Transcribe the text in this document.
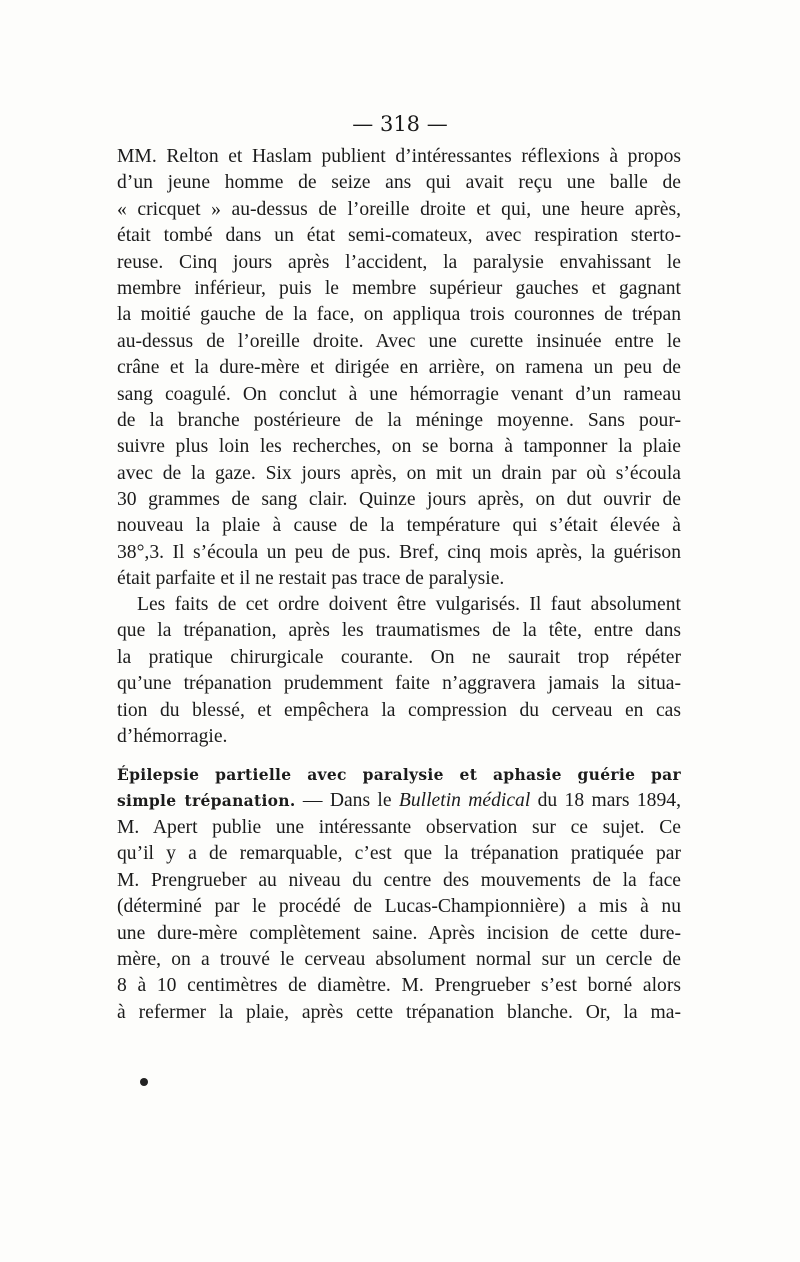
— 318 —
MM. Relton et Haslam publient d’intéressantes réflexions à propos
d’un jeune homme de seize ans qui avait reçu une balle de
« cricquet » au-dessus de l’oreille droite et qui, une heure après,
était tombé dans un état semi-comateux, avec respiration sterto-
reuse. Cinq jours après l’accident, la paralysie envahissant le
membre inférieur, puis le membre supérieur gauches et gagnant
la moitié gauche de la face, on appliqua trois couronnes de trépan
au-dessus de l’oreille droite. Avec une curette insinuée entre le
crâne et la dure-mère et dirigée en arrière, on ramena un peu de
sang coagulé. On conclut à une hémorragie venant d’un rameau
de la branche postérieure de la méninge moyenne. Sans pour-
suivre plus loin les recherches, on se borna à tamponner la plaie
avec de la gaze. Six jours après, on mit un drain par où s’écoula
30 grammes de sang clair. Quinze jours après, on dut ouvrir de
nouveau la plaie à cause de la température qui s’était élevée à
38°,3. Il s’écoula un peu de pus. Bref, cinq mois après, la guérison
était parfaite et il ne restait pas trace de paralysie.
Les faits de cet ordre doivent être vulgarisés. Il faut absolument
que la trépanation, après les traumatismes de la tête, entre dans
la pratique chirurgicale courante. On ne saurait trop répéter
qu’une trépanation prudemment faite n’aggravera jamais la situa-
tion du blessé, et empêchera la compression du cerveau en cas
d’hémorragie.
Épilepsie partielle avec paralysie et aphasie guérie par
simple trépanation. — Dans le Bulletin médical du 18 mars 1894,
M. Apert publie une intéressante observation sur ce sujet. Ce
qu’il y a de remarquable, c’est que la trépanation pratiquée par
M. Prengrueber au niveau du centre des mouvements de la face
(déterminé par le procédé de Lucas-Championnière) a mis à nu
une dure-mère complètement saine. Après incision de cette dure-
mère, on a trouvé le cerveau absolument normal sur un cercle de
8 à 10 centimètres de diamètre. M. Prengrueber s’est borné alors
à refermer la plaie, après cette trépanation blanche. Or, la ma-
